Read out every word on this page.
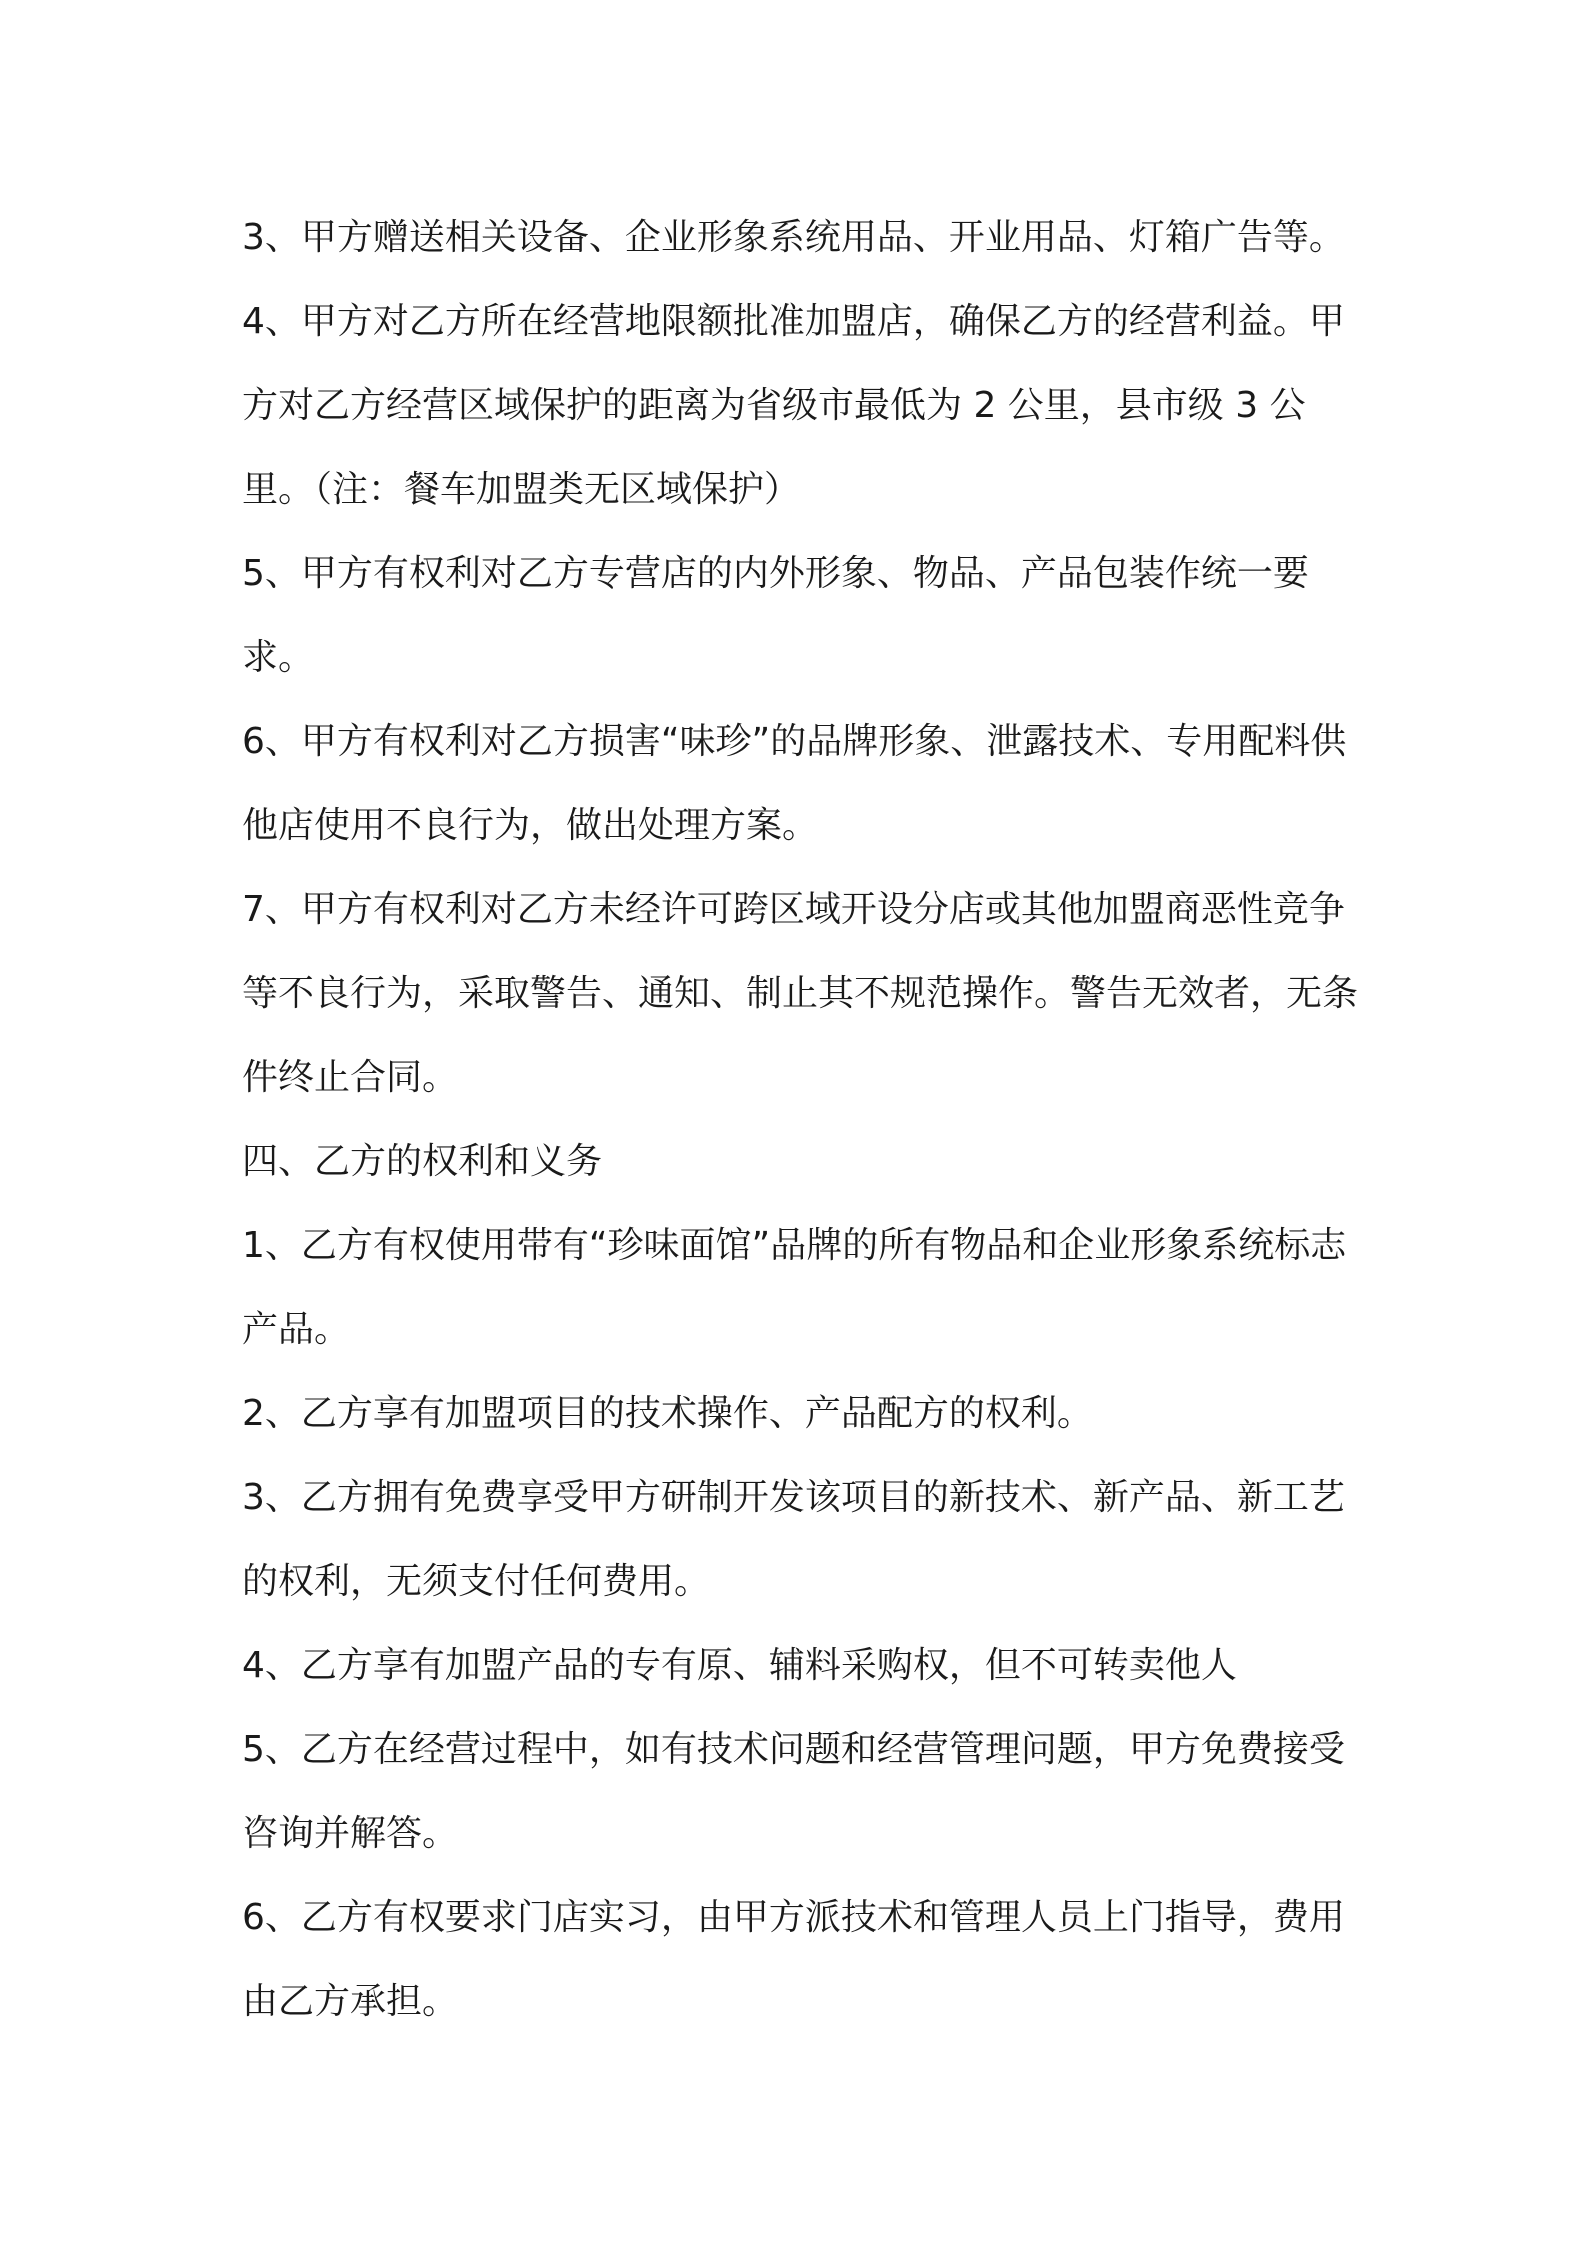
3、甲方赠送相关设备、企业形象系统用品、开业用品、灯箱广告等。

4、甲方对乙方所在经营地限额批准加盟店，确保乙方的经营利益。甲方对乙方经营区域保护的距离为省级市最低为 2 公里，县市级 3 公里。（注：餐车加盟类无区域保护）

5、甲方有权利对乙方专营店的内外形象、物品、产品包装作统一要求。

6、甲方有权利对乙方损害“味珍”的品牌形象、泄露技术、专用配料供他店使用不良行为，做出处理方案。

7、甲方有权利对乙方未经许可跨区域开设分店或其他加盟商恶性竞争等不良行为，采取警告、通知、制止其不规范操作。警告无效者，无条件终止合同。

四、乙方的权利和义务

1、乙方有权使用带有“珍味面馆”品牌的所有物品和企业形象系统标志产品。

2、乙方享有加盟项目的技术操作、产品配方的权利。

3、乙方拥有免费享受甲方研制开发该项目的新技术、新产品、新工艺的权利，无须支付任何费用。

4、乙方享有加盟产品的专有原、辅料采购权，但不可转卖他人

5、乙方在经营过程中，如有技术问题和经营管理问题，甲方免费接受咨询并解答。

6、乙方有权要求门店实习，由甲方派技术和管理人员上门指导，费用由乙方承担。
